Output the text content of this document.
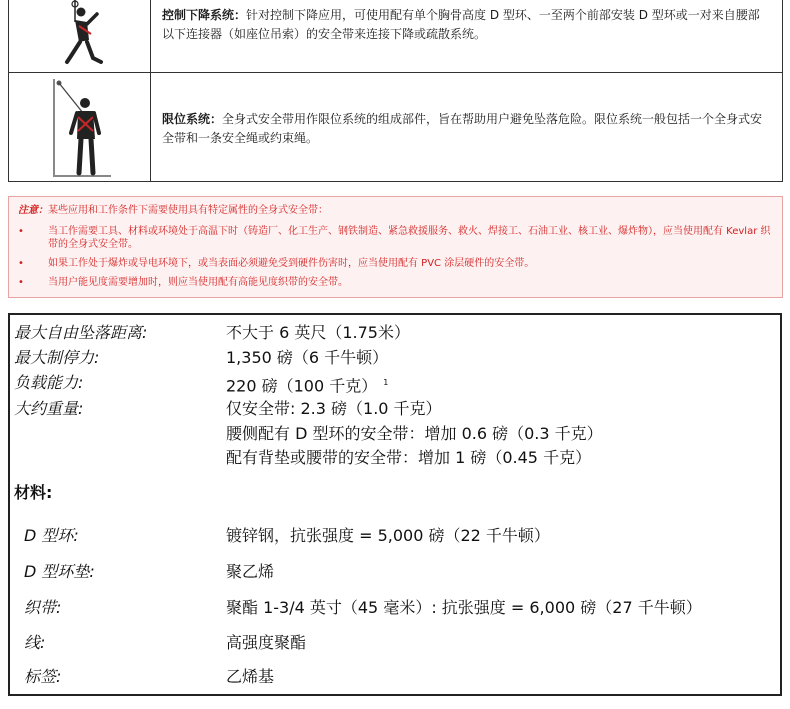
控制下降系统：针对控制下降应用，可使用配有单个胸骨高度 D 型环、一至两个前部安装 D 型环或一对来自腰部以下连接器（如座位吊索）的安全带来连接下降或疏散系统。
限位系统：全身式安全带用作限位系统的组成部件，旨在帮助用户避免坠落危险。限位系统一般包括一个全身式安全带和一条安全绳或约束绳。
注意：某些应用和工作条件下需要使用具有特定属性的全身式安全带：
• 当工作需要工具、材料或环境处于高温下时（铸造厂、化工生产、钢铁制造、紧急救援服务、救火、焊接工、石油工业、核工业、爆炸物），应当使用配有 Kevlar 织带的全身式安全带。
• 如果工作处于爆炸或导电环境下，或当表面必须避免受到硬件伤害时，应当使用配有 PVC 涂层硬件的安全带。
• 当用户能见度需要增加时，则应当使用配有高能见度织带的安全带。
最大自由坠落距离:	不大于 6 英尺（1.75米）
最大制停力:	1,350 磅（6 千牛顿）
负载能力:	220 磅（100 千克） $^1$
大约重量:	仅安全带: 2.3 磅（1.0 千克）
腰侧配有 D 型环的安全带：增加 0.6 磅（0.3 千克）
配有背垫或腰带的安全带：增加 1 磅（0.45 千克）
材料:
D 型环:	镀锌钢，抗张强度 = 5,000 磅（22 千牛顿）
D 型环垫:	聚乙烯
织带:	聚酯 1-3/4 英寸（45 毫米）: 抗张强度 = 6,000 磅（27 千牛顿）
线:	高强度聚酯
标签:	乙烯基
